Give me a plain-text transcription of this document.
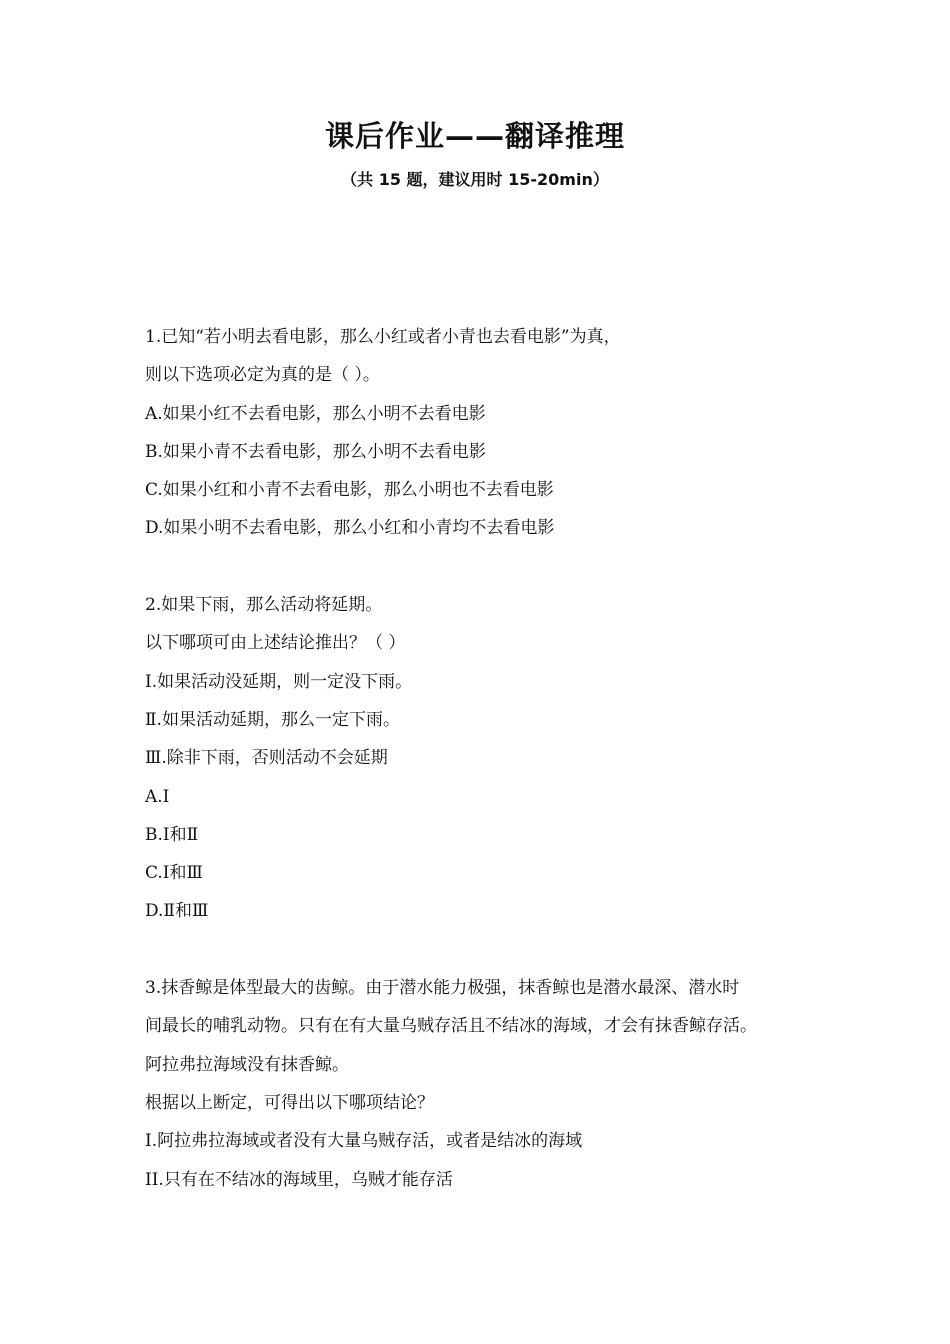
课后作业——翻译推理

（共 15 题，建议用时 15-20min）

1.已知“若小明去看电影，那么小红或者小青也去看电影”为真，

则以下选项必定为真的是（ ）。

A.如果小红不去看电影，那么小明不去看电影

B.如果小青不去看电影，那么小明不去看电影

C.如果小红和小青不去看电影，那么小明也不去看电影

D.如果小明不去看电影，那么小红和小青均不去看电影

2.如果下雨，那么活动将延期。

以下哪项可由上述结论推出？（ ）

Ⅰ.如果活动没延期，则一定没下雨。

Ⅱ.如果活动延期，那么一定下雨。

Ⅲ.除非下雨，否则活动不会延期

A.Ⅰ

B.Ⅰ和Ⅱ

C.Ⅰ和Ⅲ

D.Ⅱ和Ⅲ

3.抹香鲸是体型最大的齿鲸。由于潜水能力极强，抹香鲸也是潜水最深、潜水时

间最长的哺乳动物。只有在有大量乌贼存活且不结冰的海域，才会有抹香鲸存活。

阿拉弗拉海域没有抹香鲸。

根据以上断定，可得出以下哪项结论？

I.阿拉弗拉海域或者没有大量乌贼存活，或者是结冰的海域

II.只有在不结冰的海域里，乌贼才能存活
